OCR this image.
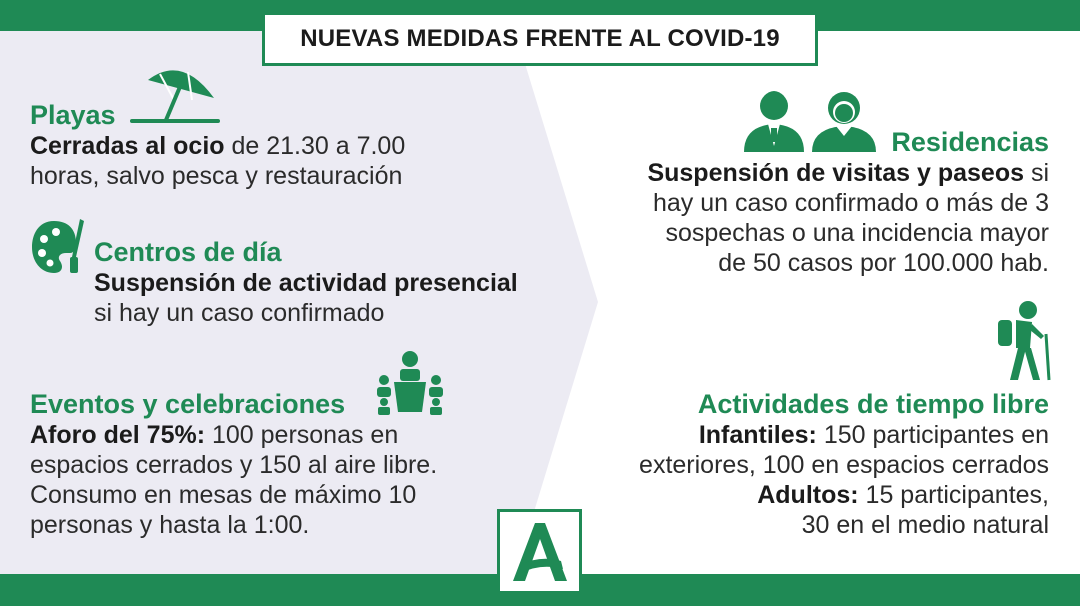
NUEVAS MEDIDAS FRENTE AL COVID-19
Playas
Cerradas al ocio de 21.30 a 7.00
horas, salvo pesca y restauración
Centros de día
Suspensión de actividad presencial
si hay un caso confirmado
Eventos y celebraciones
Aforo del 75%: 100 personas en
espacios cerrados y 150 al aire libre.
Consumo en mesas de máximo 10
personas y hasta la 1:00.
Residencias
Suspensión de visitas y paseos si
hay un caso confirmado o más de 3
sospechas o una incidencia mayor
de 50 casos por 100.000 hab.
Actividades de tiempo libre
Infantiles: 150 participantes en
exteriores, 100 en espacios cerrados
Adultos: 15 participantes,
30 en el medio natural
